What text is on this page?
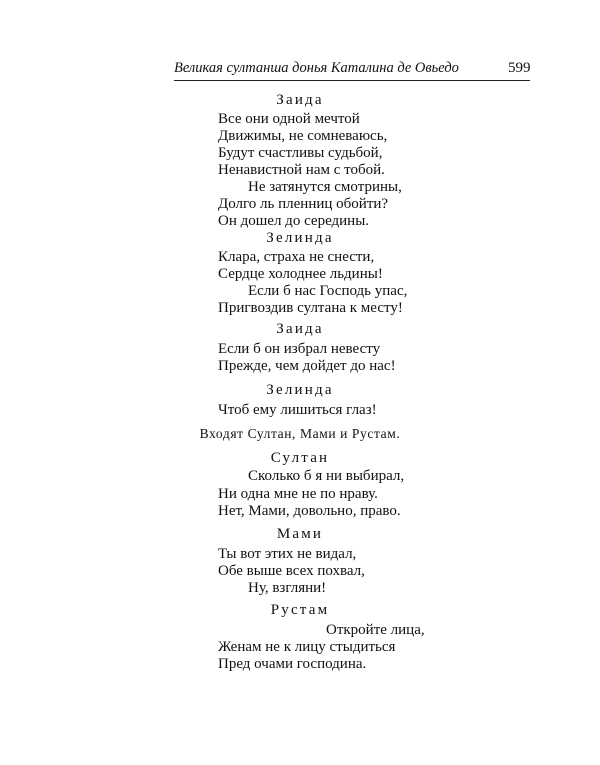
Великая султанша донья Каталина де Овьедо	599
Заида
Все они одной мечтой
Движимы, не сомневаюсь,
Будут счастливы судьбой,
Ненавистной нам с тобой.
Не затянутся смотрины,
Долго ль пленниц обойти?
Он дошел до середины.
Зелинда
Клара, страха не снести,
Сердце холоднее льдины!
Если б нас Господь упас,
Пригвоздив султана к месту!
Заида
Если б он избрал невесту
Прежде, чем дойдет до нас!
Зелинда
Чтоб ему лишиться глаз!
Входят Султан, Мами и Рустам.
Султан
Сколько б я ни выбирал,
Ни одна мне не по нраву.
Нет, Мами, довольно, право.
Мами
Ты вот этих не видал,
Обе выше всех похвал,
Ну, взгляни!
Рустам
Откройте лица,
Женам не к лицу стыдиться
Пред очами господина.
